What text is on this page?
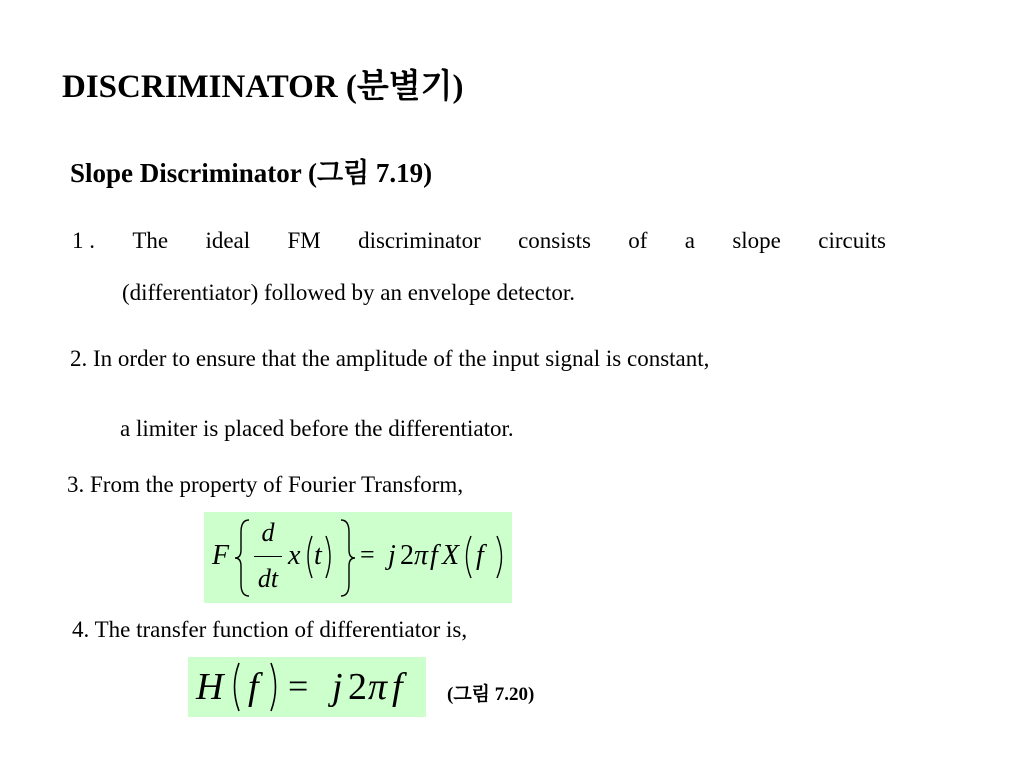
DISCRIMINATOR (분별기)
Slope Discriminator (그림 7.19)
1 . The ideal FM discriminator consists of a slope circuits
(differentiator) followed by an envelope detector.
2. In order to ensure that the amplitude of the input signal is constant,
a limiter is placed before the differentiator.
3. From the property of Fourier Transform,
F
d
dt
x t = j 2 π f X f
4. The transfer function of differentiator is,
H f = j 2 π f (그림 7.20)
